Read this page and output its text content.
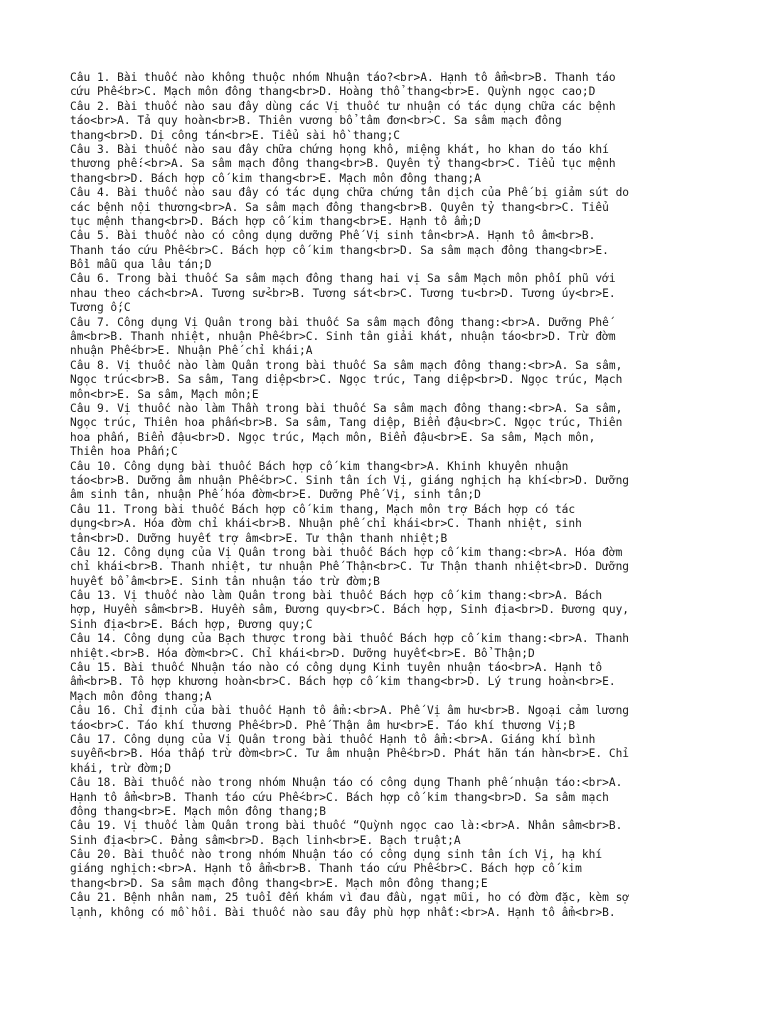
Câu 1. Bài thuốc nào không thuộc nhóm Nhuận táo?<br>A. Hạnh tô ẩm<br>B. Thanh táo
cứu Phế<br>C. Mạch môn đông thang<br>D. Hoàng thổ thang<br>E. Quỳnh ngọc cao;D
Câu 2. Bài thuốc nào sau đây dùng các Vị thuốc tư nhuận có tác dụng chữa các bệnh
táo<br>A. Tả quy hoàn<br>B. Thiên vương bổ tâm đơn<br>C. Sa sâm mạch đông
thang<br>D. Dị công tán<br>E. Tiểu sài hồ thang;C
Câu 3. Bài thuốc nào sau đây chữa chứng họng khô, miệng khát, ho khan do táo khí
thương phế:<br>A. Sa sâm mạch đông thang<br>B. Quyên tỷ thang<br>C. Tiểu tục mệnh
thang<br>D. Bách hợp cố kim thang<br>E. Mạch môn đông thang;A
Câu 4. Bài thuốc nào sau đây có tác dụng chữa chứng tân dịch của Phế bị giảm sút do
các bệnh nội thương<br>A. Sa sâm mạch đông thang<br>B. Quyên tỷ thang<br>C. Tiểu
tục mệnh thang<br>D. Bách hợp cố kim thang<br>E. Hạnh tô ẩm;D
Câu 5. Bài thuốc nào có công dụng dưỡng Phế Vị sinh tân<br>A. Hạnh tô âm<br>B.
Thanh táo cứu Phế<br>C. Bách hợp cố kim thang<br>D. Sa sâm mạch đông thang<br>E.
Bồi mẫu qua lâu tán;D
Câu 6. Trong bài thuốc Sa sâm mạch đông thang hai vị Sa sâm Mạch môn phối phũ với
nhau theo cách<br>A. Tương sử<br>B. Tương sát<br>C. Tương tu<br>D. Tương úy<br>E.
Tương ố;C
Câu 7. Công dụng Vị Quân trong bài thuốc Sa sâm mạch đông thang:<br>A. Dưỡng Phế
âm<br>B. Thanh nhiệt, nhuận Phế<br>C. Sinh tân giải khát, nhuận táo<br>D. Trừ đờm
nhuận Phế<br>E. Nhuận Phế chỉ khái;A
Câu 8. Vị thuốc nào làm Quân trong bài thuốc Sa sâm mạch đông thang:<br>A. Sa sâm,
Ngọc trúc<br>B. Sa sâm, Tang diệp<br>C. Ngọc trúc, Tang diệp<br>D. Ngọc trúc, Mạch
môn<br>E. Sa sâm, Mạch môn;E
Câu 9. Vị thuốc nào làm Thần trong bài thuốc Sa sâm mạch đông thang:<br>A. Sa sâm,
Ngọc trúc, Thiên hoa phấn<br>B. Sa sâm, Tang diệp, Biển đậu<br>C. Ngọc trúc, Thiên
hoa phấn, Biển đậu<br>D. Ngọc trúc, Mạch môn, Biển đậu<br>E. Sa sâm, Mạch môn,
Thiên hoa Phấn;C
Câu 10. Công dụng bài thuốc Bách hợp cố kim thang<br>A. Khinh khuyên nhuận
táo<br>B. Dưỡng âm nhuận Phế<br>C. Sinh tân ích Vị, giáng nghịch hạ khí<br>D. Dưỡng
âm sinh tân, nhuận Phế hóa đờm<br>E. Dưỡng Phế Vị, sinh tân;D
Câu 11. Trong bài thuốc Bách hợp cố kim thang, Mạch môn trợ Bách hợp có tác
dụng<br>A. Hóa đờm chỉ khái<br>B. Nhuận phế chỉ khái<br>C. Thanh nhiệt, sinh
tân<br>D. Dưỡng huyết trợ âm<br>E. Tư thận thanh nhiệt;B
Câu 12. Công dụng của Vị Quân trong bài thuốc Bách hợp cố kim thang:<br>A. Hóa đờm
chỉ khái<br>B. Thanh nhiệt, tư nhuận Phế Thận<br>C. Tư Thận thanh nhiệt<br>D. Dưỡng
huyết bổ âm<br>E. Sinh tân nhuận táo trừ đờm;B
Câu 13. Vị thuốc nào làm Quân trong bài thuốc Bách hợp cố kim thang:<br>A. Bách
hợp, Huyền sâm<br>B. Huyền sâm, Đương quy<br>C. Bách hợp, Sinh địa<br>D. Đương quy,
Sinh địa<br>E. Bách hợp, Đương quy;C
Câu 14. Công dụng của Bạch thược trong bài thuốc Bách hợp cố kim thang:<br>A. Thanh
nhiệt.<br>B. Hóa đờm<br>C. Chỉ khái<br>D. Dưỡng huyết<br>E. Bổ Thận;D
Câu 15. Bài thuốc Nhuận táo nào có công dụng Kinh tuyên nhuận táo<br>A. Hạnh tô
ẩm<br>B. Tô hợp khương hoàn<br>C. Bách hợp cố kim thang<br>D. Lý trung hoàn<br>E.
Mạch môn đông thang;A
Câu 16. Chỉ định của bài thuốc Hạnh tô ẩm:<br>A. Phế Vị âm hư<br>B. Ngoại cảm lương
táo<br>C. Táo khí thương Phế<br>D. Phế Thận âm hư<br>E. Táo khí thương Vị;B
Câu 17. Công dụng của Vị Quân trong bài thuốc Hạnh tô ẩm:<br>A. Giáng khí bình
suyễn<br>B. Hóa thấp trừ đờm<br>C. Tư âm nhuận Phế<br>D. Phát hãn tán hàn<br>E. Chỉ
khái, trừ đờm;D
Câu 18. Bài thuốc nào trong nhóm Nhuận táo có công dụng Thanh phế nhuận táo:<br>A.
Hạnh tô ẩm<br>B. Thanh táo cứu Phế<br>C. Bách hợp cố kim thang<br>D. Sa sâm mạch
đông thang<br>E. Mạch môn đông thang;B
Câu 19. Vị thuốc làm Quân trong bài thuốc “Quỳnh ngọc cao là:<br>A. Nhân sâm<br>B.
Sinh địa<br>C. Đảng sâm<br>D. Bạch linh<br>E. Bạch truật;A
Câu 20. Bài thuốc nào trong nhóm Nhuận táo có công dụng sinh tân ích Vị, hạ khí
giáng nghịch:<br>A. Hạnh tô ẩm<br>B. Thanh táo cứu Phế<br>C. Bách hợp cố kim
thang<br>D. Sa sâm mạch đông thang<br>E. Mạch môn đông thang;E
Câu 21. Bệnh nhân nam, 25 tuổi đến khám vì đau đầu, ngạt mũi, ho có đờm đặc, kèm sợ
lạnh, không có mồ hôi. Bài thuốc nào sau đây phù hợp nhất:<br>A. Hạnh tô ẩm<br>B.
